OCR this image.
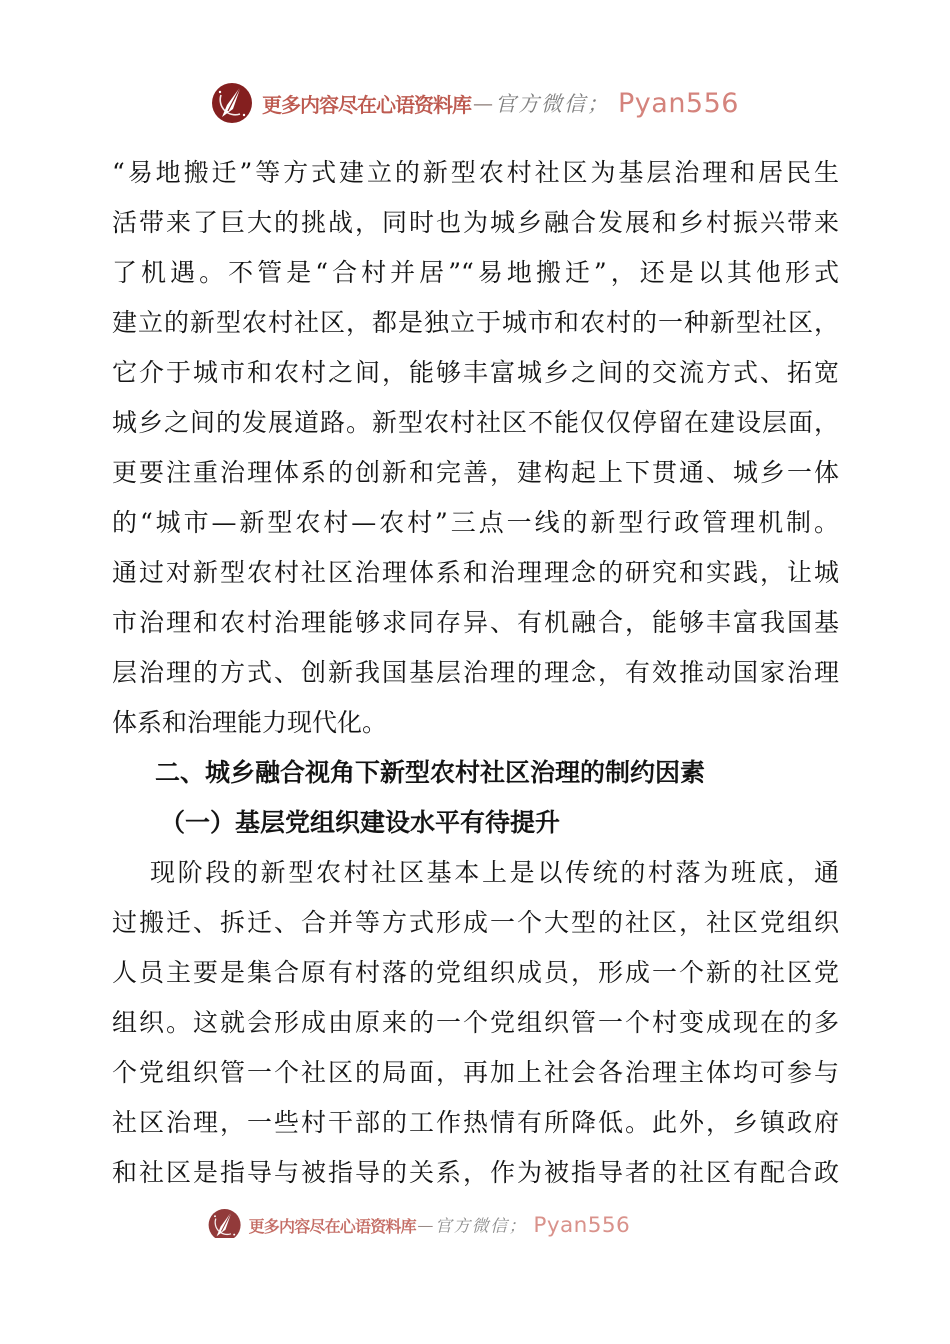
更多内容尽在心语资料库 — 官方微信； Pyan556
“易地搬迁”等方式建立的新型农村社区为基层治理和居民生
活带来了巨大的挑战，同时也为城乡融合发展和乡村振兴带来
了机遇。不管是“合村并居”“易地搬迁”，还是以其他形式
建立的新型农村社区，都是独立于城市和农村的一种新型社区，
它介于城市和农村之间，能够丰富城乡之间的交流方式、拓宽
城乡之间的发展道路。新型农村社区不能仅仅停留在建设层面，
更要注重治理体系的创新和完善，建构起上下贯通、城乡一体
的“城市—新型农村—农村”三点一线的新型行政管理机制。
通过对新型农村社区治理体系和治理理念的研究和实践，让城
市治理和农村治理能够求同存异、有机融合，能够丰富我国基
层治理的方式、创新我国基层治理的理念，有效推动国家治理
体系和治理能力现代化。
二、城乡融合视角下新型农村社区治理的制约因素
（一）基层党组织建设水平有待提升
现阶段的新型农村社区基本上是以传统的村落为班底，通
过搬迁、拆迁、合并等方式形成一个大型的社区，社区党组织
人员主要是集合原有村落的党组织成员，形成一个新的社区党
组织。这就会形成由原来的一个党组织管一个村变成现在的多
个党组织管一个社区的局面，再加上社会各治理主体均可参与
社区治理，一些村干部的工作热情有所降低。此外，乡镇政府
和社区是指导与被指导的关系，作为被指导者的社区有配合政
更多内容尽在心语资料库 — 官方微信； Pyan556
